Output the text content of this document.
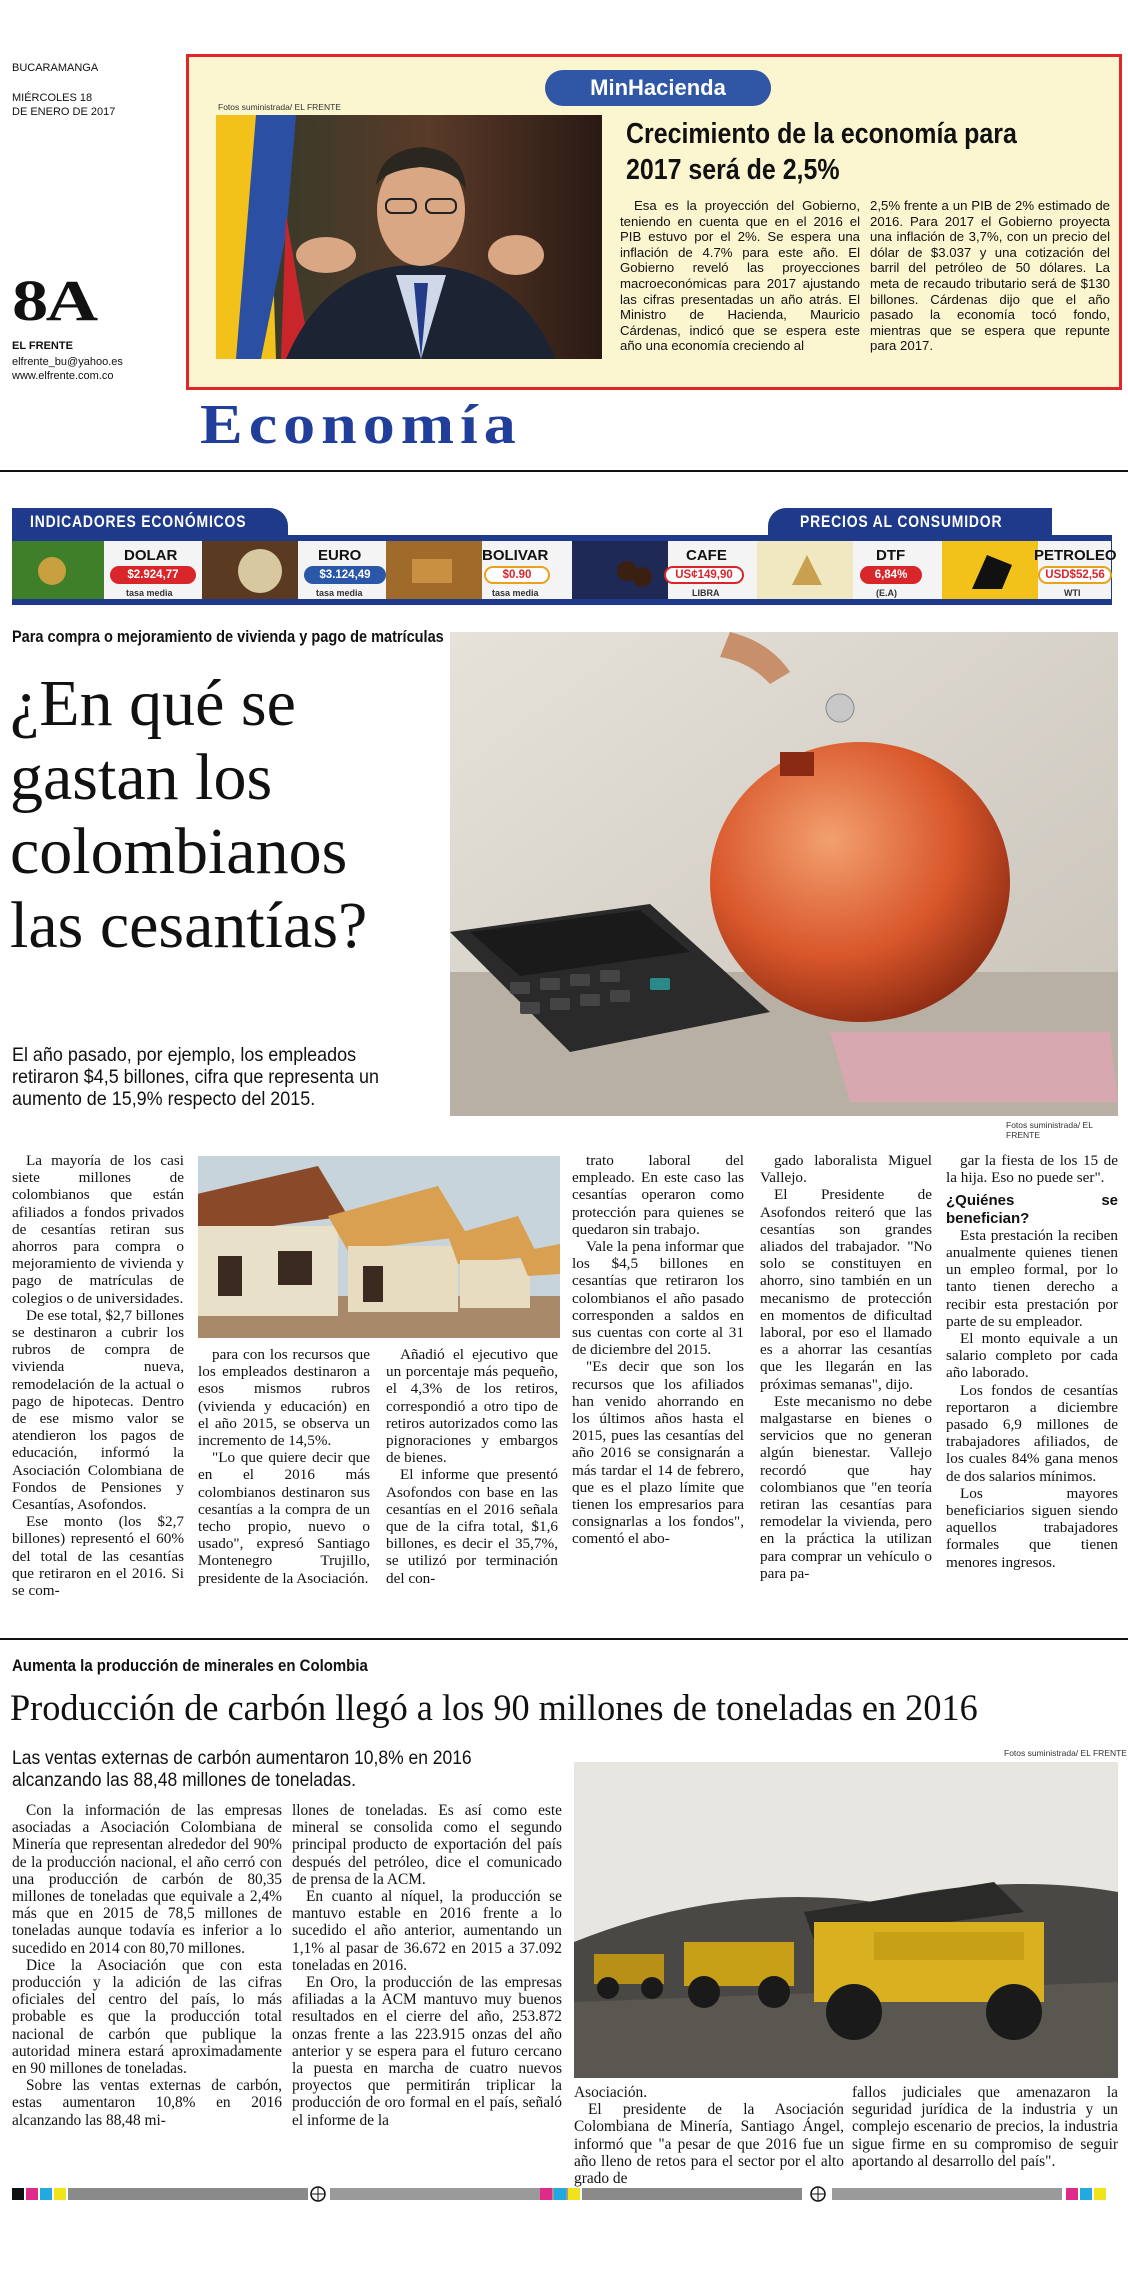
BUCARAMANGA
MIÉRCOLES 18
DE ENERO DE 2017
8A
EL FRENTE
elfrente_bu@yahoo.es
www.elfrente.com.co
MinHacienda
Fotos suministrada/ EL FRENTE
Crecimiento de la economía para
2017 será de 2,5%
Esa es la proyección del Gobierno, teniendo en cuenta que en el 2016 el PIB estuvo por el 2%. Se espera una inflación de 4.7% para este año. El Gobierno reveló las proyecciones macroeconómicas para 2017 ajustando las cifras presentadas un año atrás. El Ministro de Hacienda, Mauricio Cárdenas, indicó que se espera este año una economía creciendo al
2,5% frente a un PIB de 2% estimado de 2016. Para 2017 el Gobierno proyecta una inflación de 3,7%, con un precio del dólar de $3.037 y una cotización del barril del petróleo de 50 dólares. La meta de recaudo tributario será de $130 billones. Cárdenas dijo que el año pasado la economía tocó fondo, mientras que se espera que repunte para 2017.
Economía
INDICADORES ECONÓMICOS	PRECIOS AL CONSUMIDOR
DOLAR
$2.924,77
tasa media
EURO
$3.124,49
tasa media
BOLIVAR
$0.90
tasa media
CAFE
US¢149,90
LIBRA
DTF
6,84%
(E.A)
PETROLEO
USD$52,56
WTI
Para compra o mejoramiento de vivienda y pago de matrículas
¿En qué se
gastan los
colombianos
las cesantías?
El año pasado, por ejemplo, los empleados retiraron $4,5 billones, cifra que representa un aumento de 15,9% respecto del 2015.
Fotos suministrada/ EL FRENTE

La mayoría de los casi siete millones de colombianos que están afiliados a fondos privados de cesantías retiran sus ahorros para compra o mejoramiento de vivienda y pago de matrículas de colegios o de universidades.

De ese total, $2,7 billones se destinaron a cubrir los rubros de compra de vivienda nueva, remodelación de la actual o pago de hipotecas. Dentro de ese mismo valor se atendieron los pagos de educación, informó la Asociación Colombiana de Fondos de Pensiones y Cesantías, Asofondos.

Ese monto (los $2,7 billones) representó el 60% del total de las cesantías que retiraron en el 2016. Si se com-

para con los recursos que los empleados destinaron a esos mismos rubros (vivienda y educación) en el año 2015, se observa un incremento de 14,5%.

"Lo que quiere decir que en el 2016 más colombianos destinaron sus cesantías a la compra de un techo propio, nuevo o usado", expresó Santiago Montenegro Trujillo, presidente de la Asociación.

Añadió el ejecutivo que un porcentaje más pequeño, el 4,3% de los retiros, correspondió a otro tipo de retiros autorizados como las pignoraciones y embargos de bienes.

El informe que presentó Asofondos con base en las cesantías en el 2016 señala que de la cifra total, $1,6 billones, es decir el 35,7%, se utilizó por terminación del con-

trato laboral del empleado. En este caso las cesantías operaron como protección para quienes se quedaron sin trabajo.

Vale la pena informar que los $4,5 billones en cesantías que retiraron los colombianos el año pasado corresponden a saldos en sus cuentas con corte al 31 de diciembre del 2015.

"Es decir que son los recursos que los afiliados han venido ahorrando en los últimos años hasta el 2015, pues las cesantías del año 2016 se consignarán a más tardar el 14 de febrero, que es el plazo límite que tienen los empresarios para consignarlas a los fondos", comentó el abo-

gado laboralista Miguel Vallejo.

El Presidente de Asofondos reiteró que las cesantías son grandes aliados del trabajador. "No solo se constituyen en ahorro, sino también en un mecanismo de protección en momentos de dificultad laboral, por eso el llamado es a ahorrar las cesantías que les llegarán en las próximas semanas", dijo.

Este mecanismo no debe malgastarse en bienes o servicios que no generan algún bienestar. Vallejo recordó que hay colombianos que "en teoría retiran las cesantías para remodelar la vivienda, pero en la práctica la utilizan para comprar un vehículo o para pa-

gar la fiesta de los 15 de la hija. Eso no puede ser".

¿Quiénes se benefician?

Esta prestación la reciben anualmente quienes tienen un empleo formal, por lo tanto tienen derecho a recibir esta prestación por parte de su empleador.

El monto equivale a un salario completo por cada año laborado.

Los fondos de cesantías reportaron a diciembre pasado 6,9 millones de trabajadores afiliados, de los cuales 84% gana menos de dos salarios mínimos.

Los mayores beneficiarios siguen siendo aquellos trabajadores formales que tienen menores ingresos.

Aumenta la producción de minerales en Colombia
Producción de carbón llegó a los 90 millones de toneladas en 2016
Las ventas externas de carbón aumentaron 10,8% en 2016 alcanzando las 88,48 millones de toneladas.
Fotos suministrada/ EL FRENTE

Con la información de las empresas asociadas a Asociación Colombiana de Minería que representan alrededor del 90% de la producción nacional, el año cerró con una producción de carbón de 80,35 millones de toneladas que equivale a 2,4% más que en 2015 de 78,5 millones de toneladas aunque todavía es inferior a lo sucedido en 2014 con 80,70 millones.

Dice la Asociación que con esta producción y la adición de las cifras oficiales del centro del país, lo más probable es que la producción total nacional de carbón que publique la autoridad minera estará aproximadamente en 90 millones de toneladas.

Sobre las ventas externas de carbón, estas aumentaron 10,8% en 2016 alcanzando las 88,48 mi-

llones de toneladas. Es así como este mineral se consolida como el segundo principal producto de exportación del país después del petróleo, dice el comunicado de prensa de la ACM.

En cuanto al níquel, la producción se mantuvo estable en 2016 frente a lo sucedido el año anterior, aumentando un 1,1% al pasar de 36.672 en 2015 a 37.092 toneladas en 2016.

En Oro, la producción de las empresas afiliadas a la ACM mantuvo muy buenos resultados en el cierre del año, 253.872 onzas frente a las 223.915 onzas del año anterior y se espera para el futuro cercano la puesta en marcha de cuatro nuevos proyectos que permitirán triplicar la producción de oro formal en el país, señaló el informe de la

Asociación.

El presidente de la Asociación Colombiana de Minería, Santiago Ángel, informó que "a pesar de que 2016 fue un año lleno de retos para el sector por el alto grado de

fallos judiciales que amenazaron la seguridad jurídica de la industria y un complejo escenario de precios, la industria sigue firme en su compromiso de seguir aportando al desarrollo del país".
